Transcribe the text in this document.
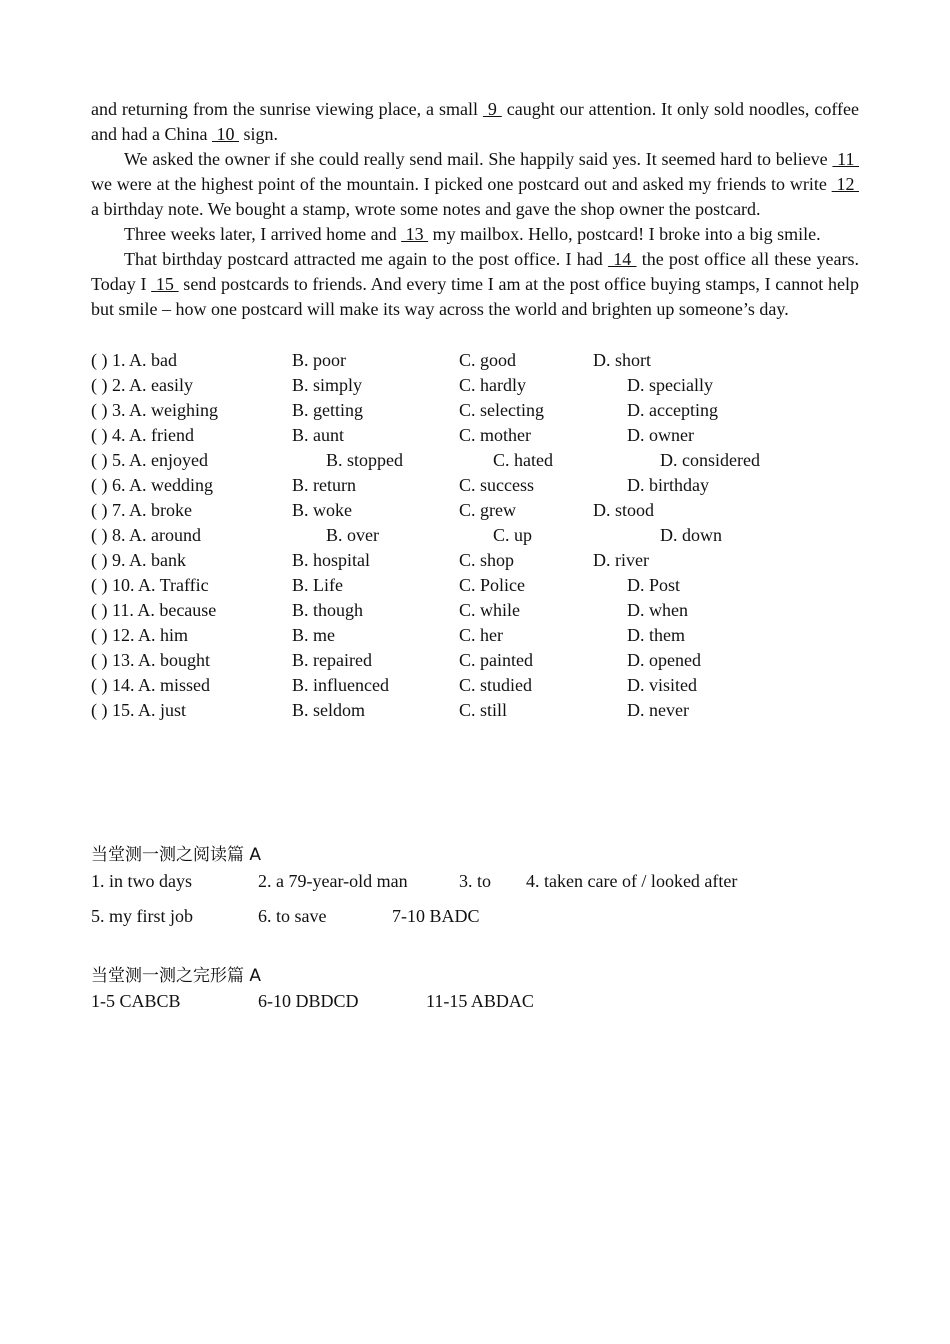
and returning from the sunrise viewing place, a small  9  caught our attention. It only sold noodles, coffee and had a China  10  sign.

We asked the owner if she could really send mail. She happily said yes. It seemed hard to believe  11  we were at the highest point of the mountain. I picked one postcard out and asked my friends to write  12  a birthday note. We bought a stamp, wrote some notes and gave the shop owner the postcard.

Three weeks later, I arrived home and  13  my mailbox. Hello, postcard! I broke into a big smile.

That birthday postcard attracted me again to the post office. I had  14  the post office all these years. Today I  15  send postcards to friends. And every time I am at the post office buying stamps, I cannot help but smile – how one postcard will make its way across the world and brighten up someone’s day.

( ) 1. A. bad	B. poor	C. good	D. short
( ) 2. A. easily	B. simply	C. hardly	D. specially
( ) 3. A. weighing	B. getting	C. selecting	D. accepting
( ) 4. A. friend	B. aunt	C. mother	D. owner
( ) 5. A. enjoyed	B. stopped	C. hated	D. considered
( ) 6. A. wedding	B. return	C. success	D. birthday
( ) 7. A. broke	B. woke	C. grew	D. stood
( ) 8. A. around	B. over	C. up	D. down
( ) 9. A. bank	B. hospital	C. shop	D. river
( ) 10. A. Traffic	B. Life	C. Police	D. Post
( ) 11. A. because	B. though	C. while	D. when
( ) 12. A. him	B. me	C. her	D. them
( ) 13. A. bought	B. repaired	C. painted	D. opened
( ) 14. A. missed	B. influenced	C. studied	D. visited
( ) 15. A. just	B. seldom	C. still	D. never
当堂测一测之阅读篇 A
1. in two days	2. a 79-year-old man	3. to 4. taken care of / looked after
5. my first job	6. to save	7-10 BADC
当堂测一测之完形篇 A
1-5 CABCB	6-10 DBDCD	11-15 ABDAC
